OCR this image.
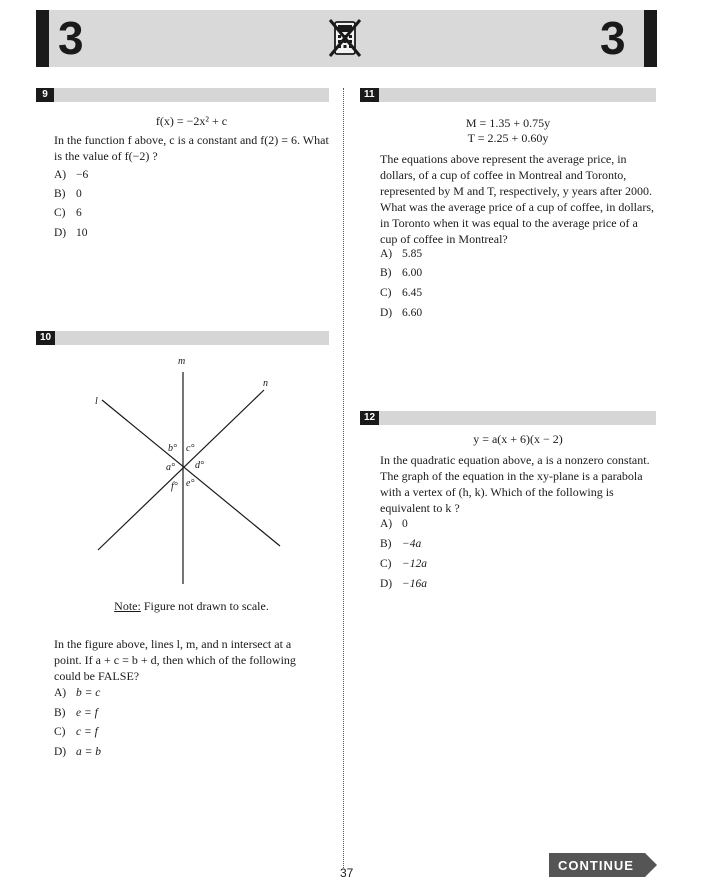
3	3
9
f(x) = −2x² + c
In the function f above, c is a constant and f(2) = 6. What is the value of f(−2) ?
A) −6
B) 0
C) 6
D) 10
10
m
n
l
b° c°
a° d°
f° e°
Note: Figure not drawn to scale.
In the figure above, lines l, m, and n intersect at a point. If a + c = b + d, then which of the following could be FALSE?
A) b = c
B) e = f
C) c = f
D) a = b
11
M = 1.35 + 0.75y
T = 2.25 + 0.60y
The equations above represent the average price, in dollars, of a cup of coffee in Montreal and Toronto, represented by M and T, respectively, y years after 2000. What was the average price of a cup of coffee, in dollars, in Toronto when it was equal to the average price of a cup of coffee in Montreal?
A) 5.85
B) 6.00
C) 6.45
D) 6.60
12
y = a(x + 6)(x − 2)
In the quadratic equation above, a is a nonzero constant. The graph of the equation in the xy-plane is a parabola with a vertex of (h, k). Which of the following is equivalent to k ?
A) 0
B) −4a
C) −12a
D) −16a
37	CONTINUE
